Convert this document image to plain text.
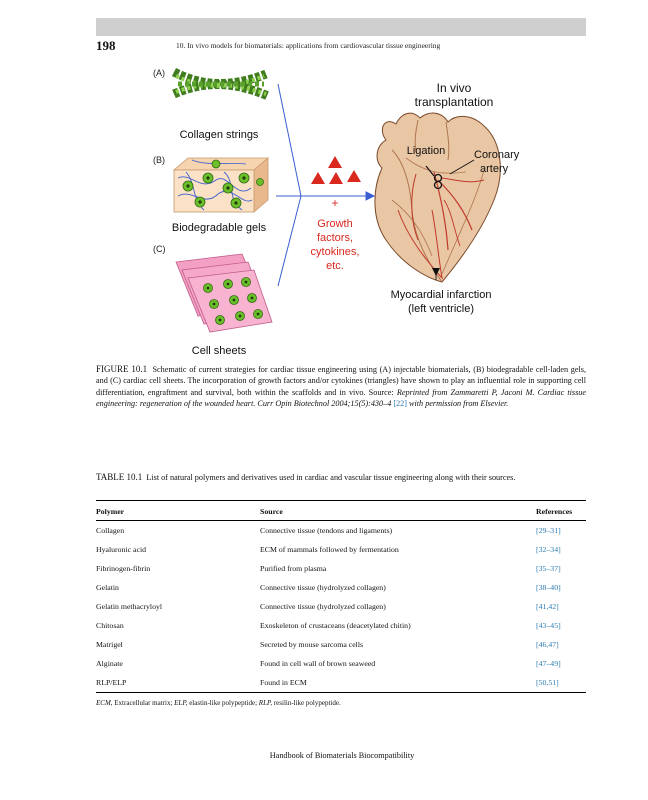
198	10. In vivo models for biomaterials: applications from cardiovascular tissue engineering
(A)
(B)
(C)
Collagen strings
Biodegradable gels
Cell sheets
+
Growth
factors,
cytokines,
etc.
In vivo
transplantation
Ligation	Coronary
artery
Myocardial infarction
(left ventricle)
FIGURE 10.1 Schematic of current strategies for cardiac tissue engineering using (A) injectable biomaterials, (B) biodegradable cell-laden gels, and (C) cardiac cell sheets. The incorporation of growth factors and/or cytokines (triangles) have shown to play an influential role in supporting cell differentiation, engraftment and survival, both within the scaffolds and in vivo. Source: Reprinted from Zammaretti P, Jaconi M. Cardiac tissue engineering: regeneration of the wounded heart. Curr Opin Biotechnol 2004;15(5):430–4 [22] with permission from Elsevier.
TABLE 10.1 List of natural polymers and derivatives used in cardiac and vascular tissue engineering along with their sources.
Polymer	Source	References
Collagen	Connective tissue (tendons and ligaments)	[29–31]
Hyaluronic acid	ECM of mammals followed by fermentation	[32–34]
Fibrinogen-fibrin	Purified from plasma	[35–37]
Gelatin	Connective tissue (hydrolyzed collagen)	[38–40]
Gelatin methacryloyl	Connective tissue (hydrolyzed collagen)	[41,42]
Chitosan	Exoskeleton of crustaceans (deacetylated chitin)	[43–45]
Matrigel	Secreted by mouse sarcoma cells	[46,47]
Alginate	Found in cell wall of brown seaweed	[47–49]
RLP/ELP	Found in ECM	[50,51]
ECM, Extracellular matrix; ELP, elastin-like polypeptide; RLP, resilin-like polypeptide.
Handbook of Biomaterials Biocompatibility
